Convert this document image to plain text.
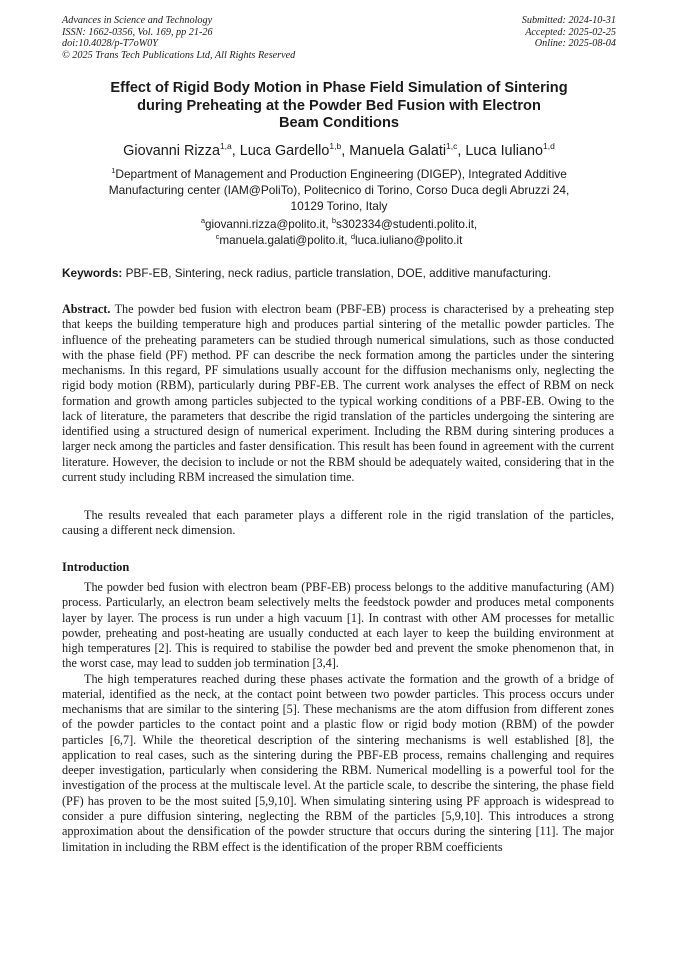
Advances in Science and Technology
ISSN: 1662-0356, Vol. 169, pp 21-26
doi:10.4028/p-T7oW0Y
© 2025 Trans Tech Publications Ltd, All Rights Reserved
Submitted: 2024-10-31
Accepted: 2025-02-25
Online: 2025-08-04
Effect of Rigid Body Motion in Phase Field Simulation of Sintering
during Preheating at the Powder Bed Fusion with Electron
Beam Conditions
Giovanni Rizza$^{1,a}$, Luca Gardello$^{1,b}$, Manuela Galati$^{1,c}$, Luca Iuliano$^{1,d}$
$^1$Department of Management and Production Engineering (DIGEP), Integrated Additive
Manufacturing center (IAM@PoliTo), Politecnico di Torino, Corso Duca degli Abruzzi 24,
10129 Torino, Italy
$^a$giovanni.rizza@polito.it, $^b$s302334@studenti.polito.it,
$^c$manuela.galati@polito.it, $^d$luca.iuliano@polito.it
Keywords: PBF-EB, Sintering, neck radius, particle translation, DOE, additive manufacturing.

Abstract. The powder bed fusion with electron beam (PBF-EB) process is characterised by a preheating step that keeps the building temperature high and produces partial sintering of the metallic powder particles. The influence of the preheating parameters can be studied through numerical simulations, such as those conducted with the phase field (PF) method. PF can describe the neck formation among the particles under the sintering mechanisms. In this regard, PF simulations usually account for the diffusion mechanisms only, neglecting the rigid body motion (RBM), particularly during PBF-EB. The current work analyses the effect of RBM on neck formation and growth among particles subjected to the typical working conditions of a PBF-EB. Owing to the lack of literature, the parameters that describe the rigid translation of the particles undergoing the sintering are identified using a structured design of numerical experiment. Including the RBM during sintering produces a larger neck among the particles and faster densification. This result has been found in agreement with the current literature. However, the decision to include or not the RBM should be adequately waited, considering that in the current study including RBM increased the simulation time.

The results revealed that each parameter plays a different role in the rigid translation of the particles, causing a different neck dimension.

Introduction

The powder bed fusion with electron beam (PBF-EB) process belongs to the additive manufacturing (AM) process. Particularly, an electron beam selectively melts the feedstock powder and produces metal components layer by layer. The process is run under a high vacuum [1]. In contrast with other AM processes for metallic powder, preheating and post-heating are usually conducted at each layer to keep the building environment at high temperatures [2]. This is required to stabilise the powder bed and prevent the smoke phenomenon that, in the worst case, may lead to sudden job termination [3,4].

The high temperatures reached during these phases activate the formation and the growth of a bridge of material, identified as the neck, at the contact point between two powder particles. This process occurs under mechanisms that are similar to the sintering [5]. These mechanisms are the atom diffusion from different zones of the powder particles to the contact point and a plastic flow or rigid body motion (RBM) of the powder particles [6,7]. While the theoretical description of the sintering mechanisms is well established [8], the application to real cases, such as the sintering during the PBF-EB process, remains challenging and requires deeper investigation, particularly when considering the RBM. Numerical modelling is a powerful tool for the investigation of the process at the multiscale level. At the particle scale, to describe the sintering, the phase field (PF) has proven to be the most suited [5,9,10]. When simulating sintering using PF approach is widespread to consider a pure diffusion sintering, neglecting the RBM of the particles [5,9,10]. This introduces a strong approximation about the densification of the powder structure that occurs during the sintering [11]. The major limitation in including the RBM effect is the identification of the proper RBM coefficients
